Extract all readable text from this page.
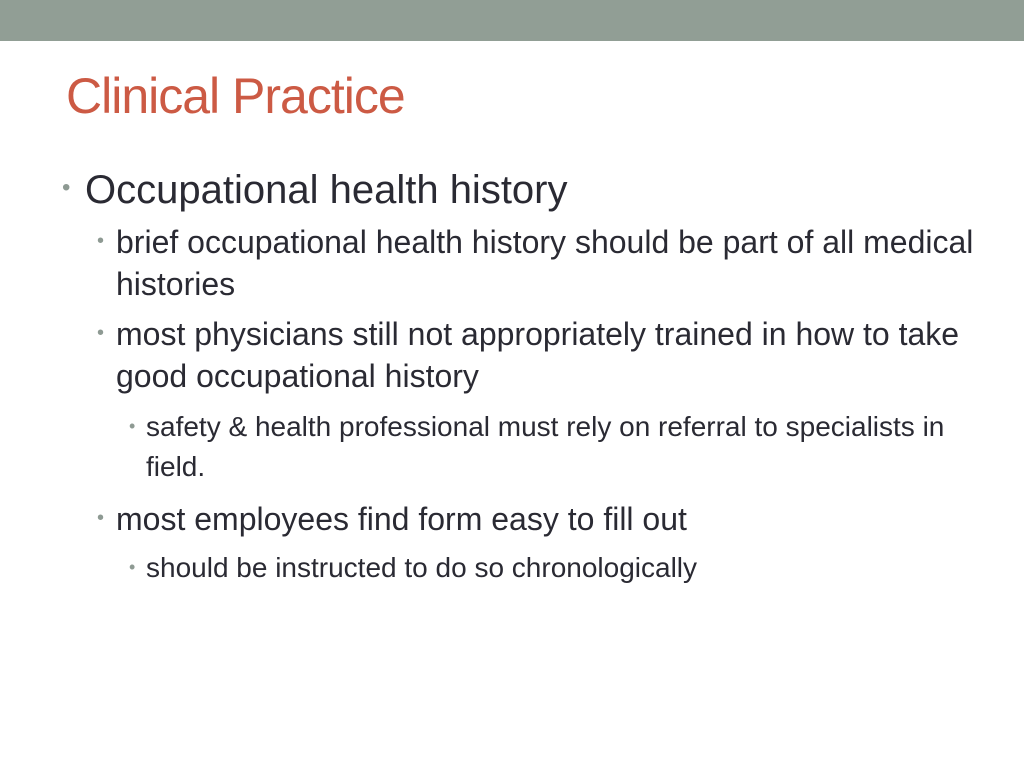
Clinical Practice
• Occupational health history
• brief occupational health history should be part of all medical histories
• most physicians still not appropriately trained in how to take good occupational history
• safety & health professional must rely on referral to specialists in field.
• most employees find form easy to fill out
• should be instructed to do so chronologically
